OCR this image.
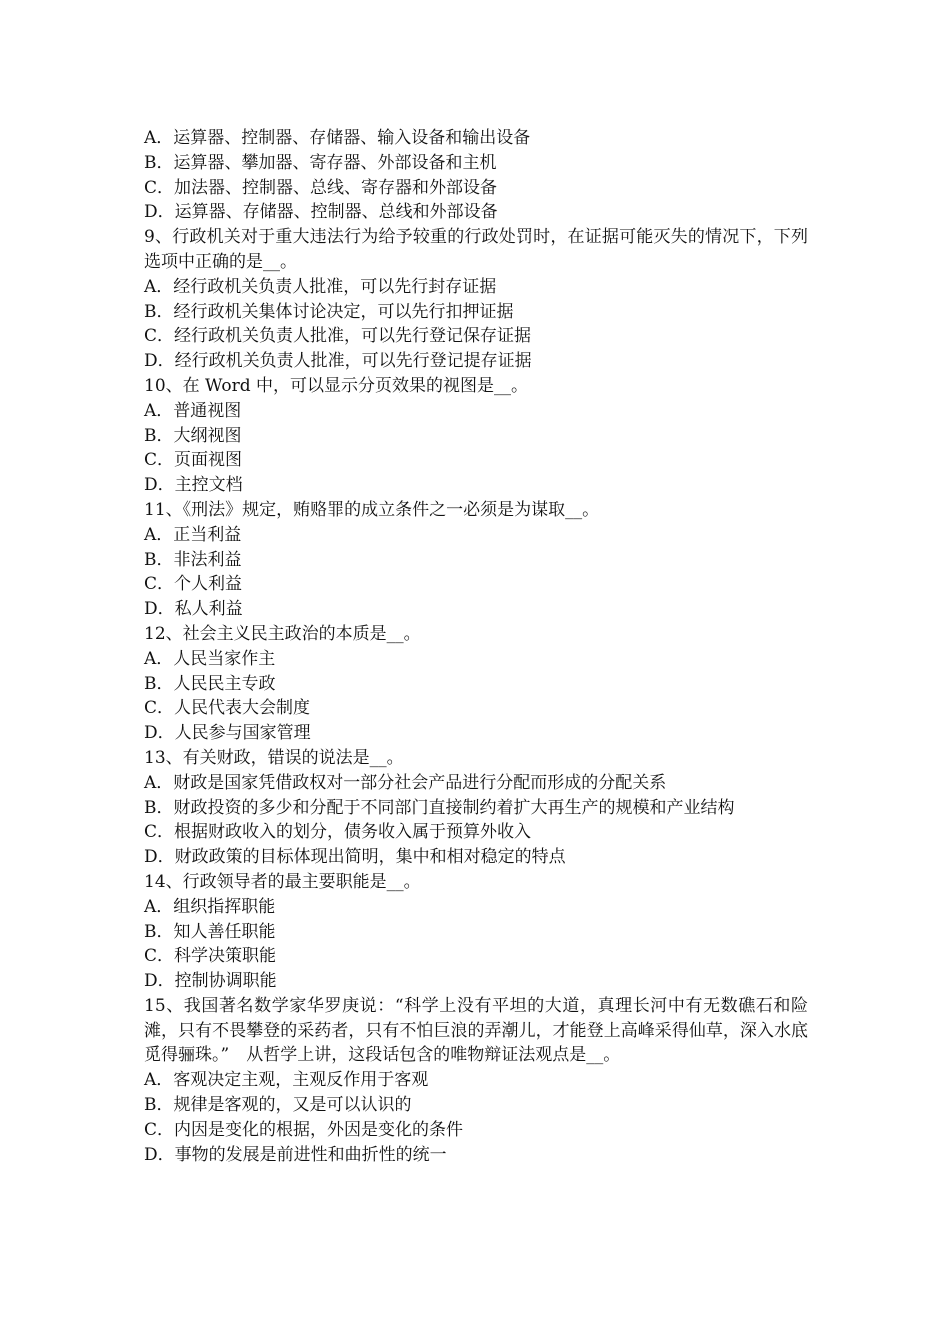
A．运算器、控制器、存储器、输入设备和输出设备
B．运算器、攀加器、寄存器、外部设备和主机
C．加法器、控制器、总线、寄存器和外部设备
D．运算器、存储器、控制器、总线和外部设备
9、行政机关对于重大违法行为给予较重的行政处罚时，在证据可能灭失的情况下，下列选项中正确的是__。
A．经行政机关负责人批准，可以先行封存证据
B．经行政机关集体讨论决定，可以先行扣押证据
C．经行政机关负责人批准，可以先行登记保存证据
D．经行政机关负责人批准，可以先行登记提存证据
10、在 Word 中，可以显示分页效果的视图是__。
A．普通视图
B．大纲视图
C．页面视图
D．主控文档
11、《刑法》规定，贿赂罪的成立条件之一必须是为谋取__。
A．正当利益
B．非法利益
C．个人利益
D．私人利益
12、社会主义民主政治的本质是__。
A．人民当家作主
B．人民民主专政
C．人民代表大会制度
D．人民参与国家管理
13、有关财政，错误的说法是__。
A．财政是国家凭借政权对一部分社会产品进行分配而形成的分配关系
B．财政投资的多少和分配于不同部门直接制约着扩大再生产的规模和产业结构
C．根据财政收入的划分，债务收入属于预算外收入
D．财政政策的目标体现出简明，集中和相对稳定的特点
14、行政领导者的最主要职能是__。
A．组织指挥职能
B．知人善任职能
C．科学决策职能
D．控制协调职能
15、我国著名数学家华罗庚说：“科学上没有平坦的大道，真理长河中有无数礁石和险滩，只有不畏攀登的采药者，只有不怕巨浪的弄潮儿，才能登上高峰采得仙草，深入水底觅得骊珠。”　从哲学上讲，这段话包含的唯物辩证法观点是__。
A．客观决定主观，主观反作用于客观
B．规律是客观的，又是可以认识的
C．内因是变化的根据，外因是变化的条件
D．事物的发展是前进性和曲折性的统一
